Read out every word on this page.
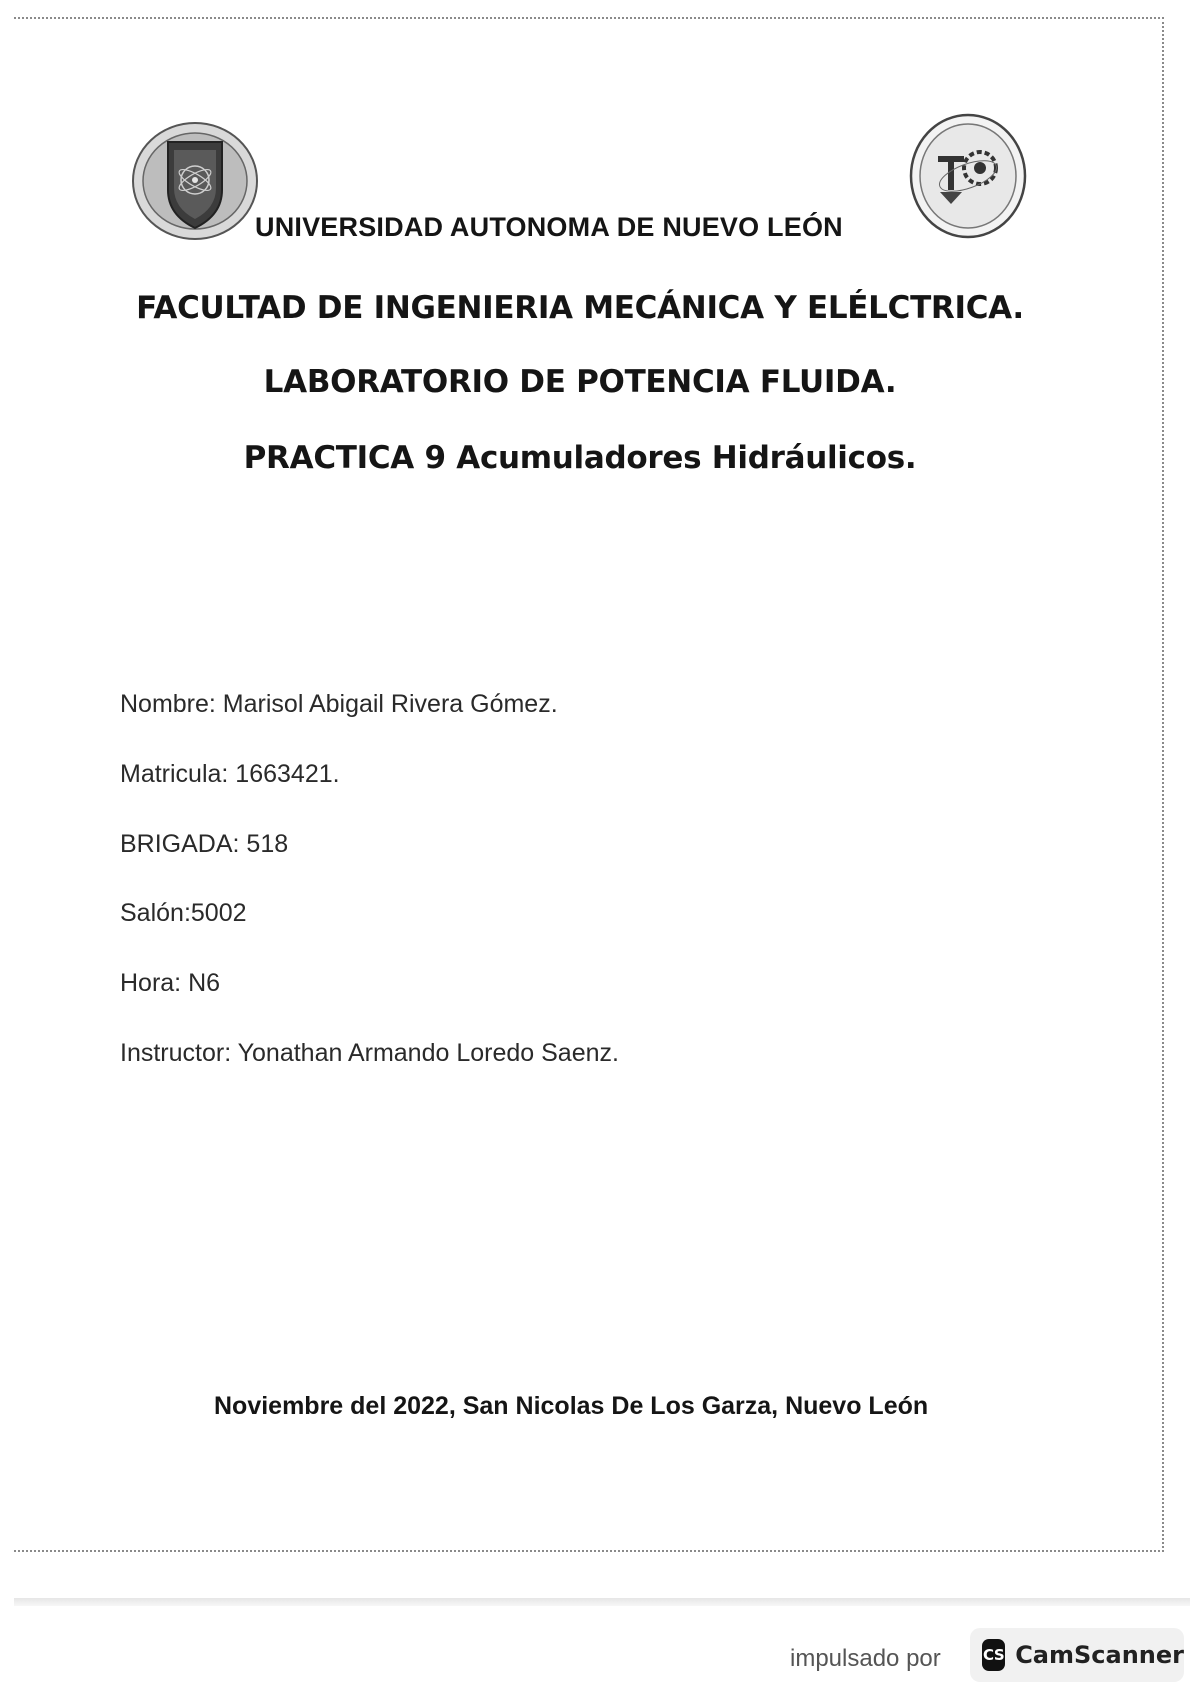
UNIVERSIDAD AUTONOMA DE NUEVO LEÓN
FACULTAD DE INGENIERIA MECÁNICA Y ELÉLCTRICA.
LABORATORIO DE POTENCIA FLUIDA.
PRACTICA 9 Acumuladores Hidráulicos.
Nombre: Marisol Abigail Rivera Gómez.
Matricula: 1663421.
BRIGADA: 518
Salón:5002
Hora: N6
Instructor: Yonathan Armando Loredo Saenz.
Noviembre del 2022, San Nicolas De Los Garza, Nuevo León
impulsado por	CS CamScanner
